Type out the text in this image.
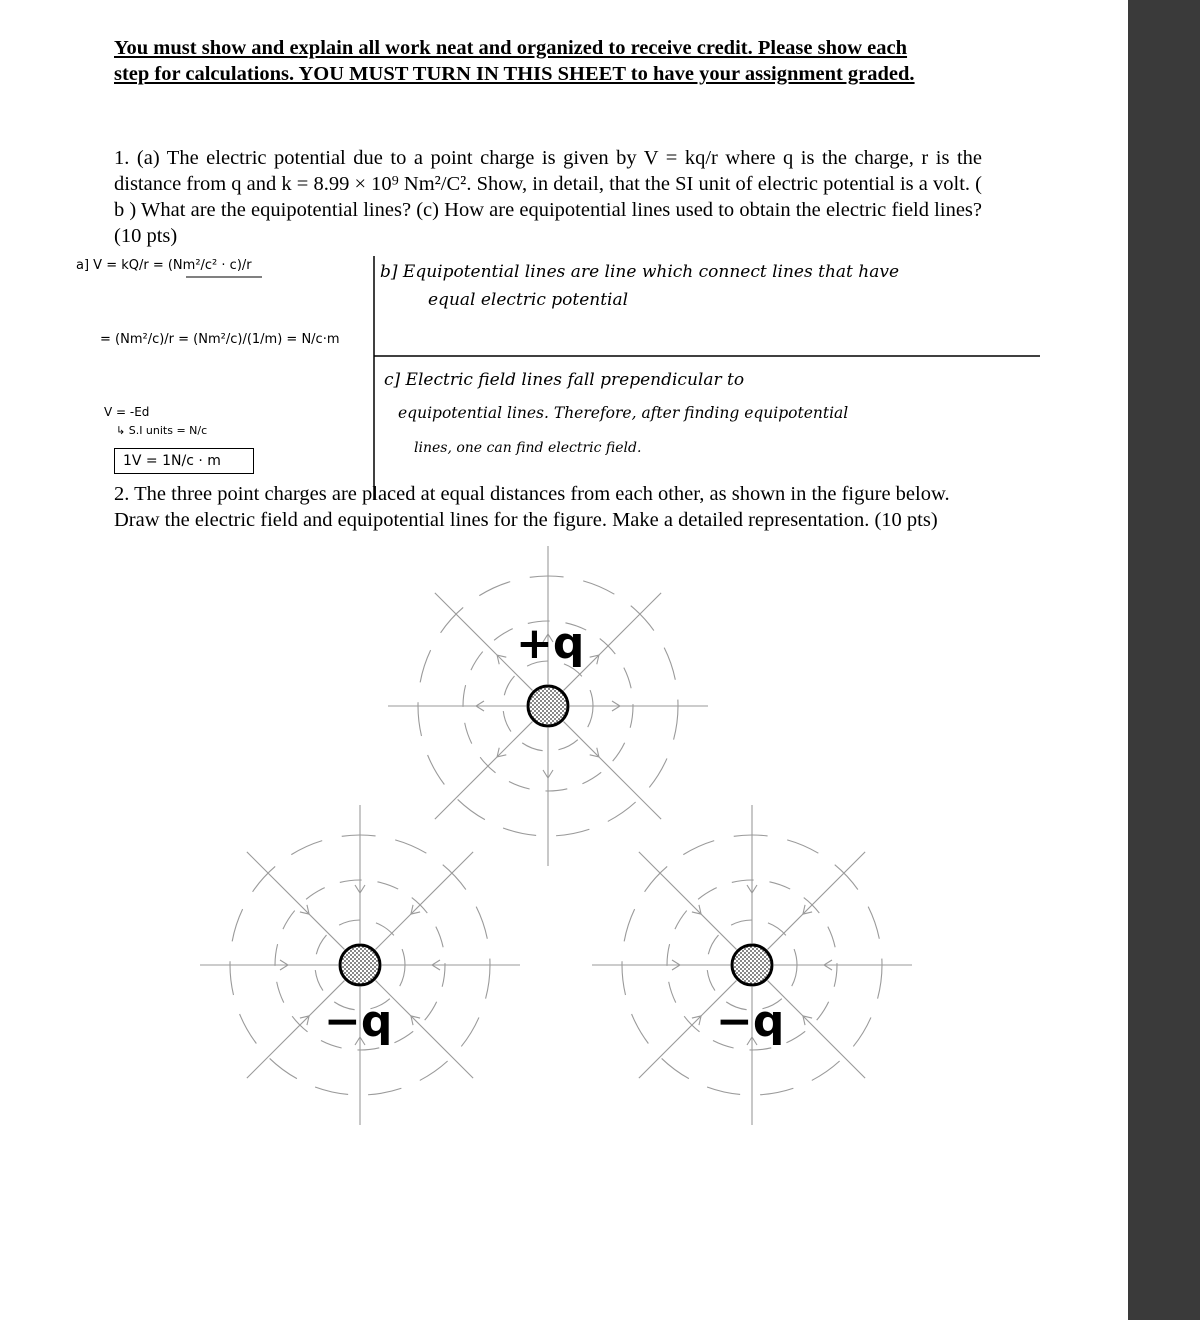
You must show and explain all work neat and organized to receive credit. Please show each
step for calculations. YOU MUST TURN IN THIS SHEET to have your assignment graded.
1. (a) The electric potential due to a point charge is given by V = kq/r where q is the charge, r is the distance from q and k = 8.99 × 10⁹ Nm²/C². Show, in detail, that the SI unit of electric potential is a volt. ( b ) What are the equipotential lines? (c) How are equipotential lines used to obtain the electric field lines? (10 pts)
a] V = kQ/r = (Nm²/c² · c)/r
= (Nm²/c)/r = (Nm²/c)/(1/m) = N/c·m
V = -Ed
↳ S.I units = N/c
1V = 1N/c · m
b] Equipotential lines are line which connect lines that have
equal electric potential
c] Electric field lines fall prependicular to
equipotential lines. Therefore, after finding equipotential
lines, one can find electric field.
2. The three point charges are placed at equal distances from each other, as shown in the figure below. Draw the electric field and equipotential lines for the figure. Make a detailed representation. (10 pts)
+q
−q	−q
